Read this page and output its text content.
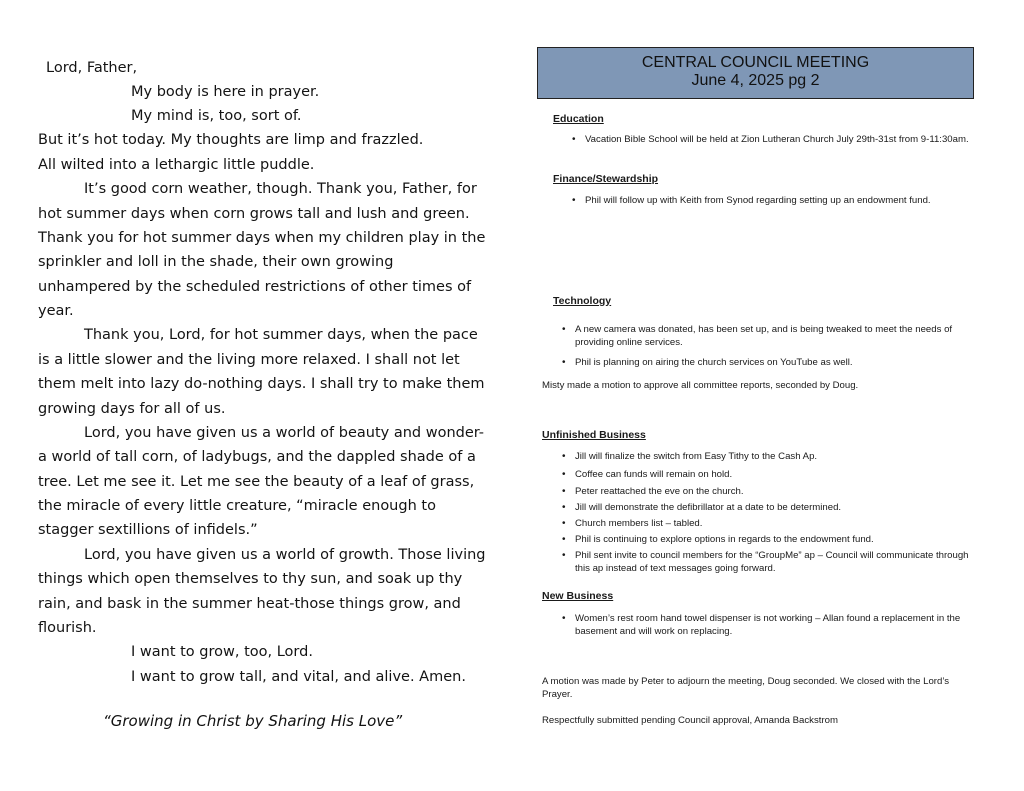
Lord, Father,
My body is here in prayer.
My mind is, too, sort of.
But it’s hot today. My thoughts are limp and frazzled.
All wilted into a lethargic little puddle.
It’s good corn weather, though. Thank you, Father, for
hot summer days when corn grows tall and lush and green.
Thank you for hot summer days when my children play in the
sprinkler and loll in the shade, their own growing
unhampered by the scheduled restrictions of other times of
year.
Thank you, Lord, for hot summer days, when the pace
is a little slower and the living more relaxed. I shall not let
them melt into lazy do-nothing days. I shall try to make them
growing days for all of us.
Lord, you have given us a world of beauty and wonder-
a world of tall corn, of ladybugs, and the dappled shade of a
tree. Let me see it. Let me see the beauty of a leaf of grass,
the miracle of every little creature, “miracle enough to
stagger sextillions of infidels.”
Lord, you have given us a world of growth. Those living
things which open themselves to thy sun, and soak up thy
rain, and bask in the summer heat-those things grow, and
flourish.
I want to grow, too, Lord.
I want to grow tall, and vital, and alive. Amen.
“Growing in Christ by Sharing His Love”
CENTRAL COUNCIL MEETING
June 4, 2025 pg 2
Education
• Vacation Bible School will be held at Zion Lutheran Church July 29th-31st from 9-11:30am.
Finance/Stewardship
• Phil will follow up with Keith from Synod regarding setting up an endowment fund.
Technology
• A new camera was donated, has been set up, and is being tweaked to meet the needs of providing online services.
• Phil is planning on airing the church services on YouTube as well.
Misty made a motion to approve all committee reports, seconded by Doug.
Unfinished Business
• Jill will finalize the switch from Easy Tithy to the Cash Ap.
• Coffee can funds will remain on hold.
• Peter reattached the eve on the church.
• Jill will demonstrate the defibrillator at a date to be determined.
• Church members list – tabled.
• Phil is continuing to explore options in regards to the endowment fund.
• Phil sent invite to council members for the “GroupMe” ap – Council will communicate through this ap instead of text messages going forward.
New Business
• Women’s rest room hand towel dispenser is not working – Allan found a replacement in the basement and will work on replacing.
A motion was made by Peter to adjourn the meeting, Doug seconded. We closed with the Lord’s Prayer.
Respectfully submitted pending Council approval, Amanda Backstrom
